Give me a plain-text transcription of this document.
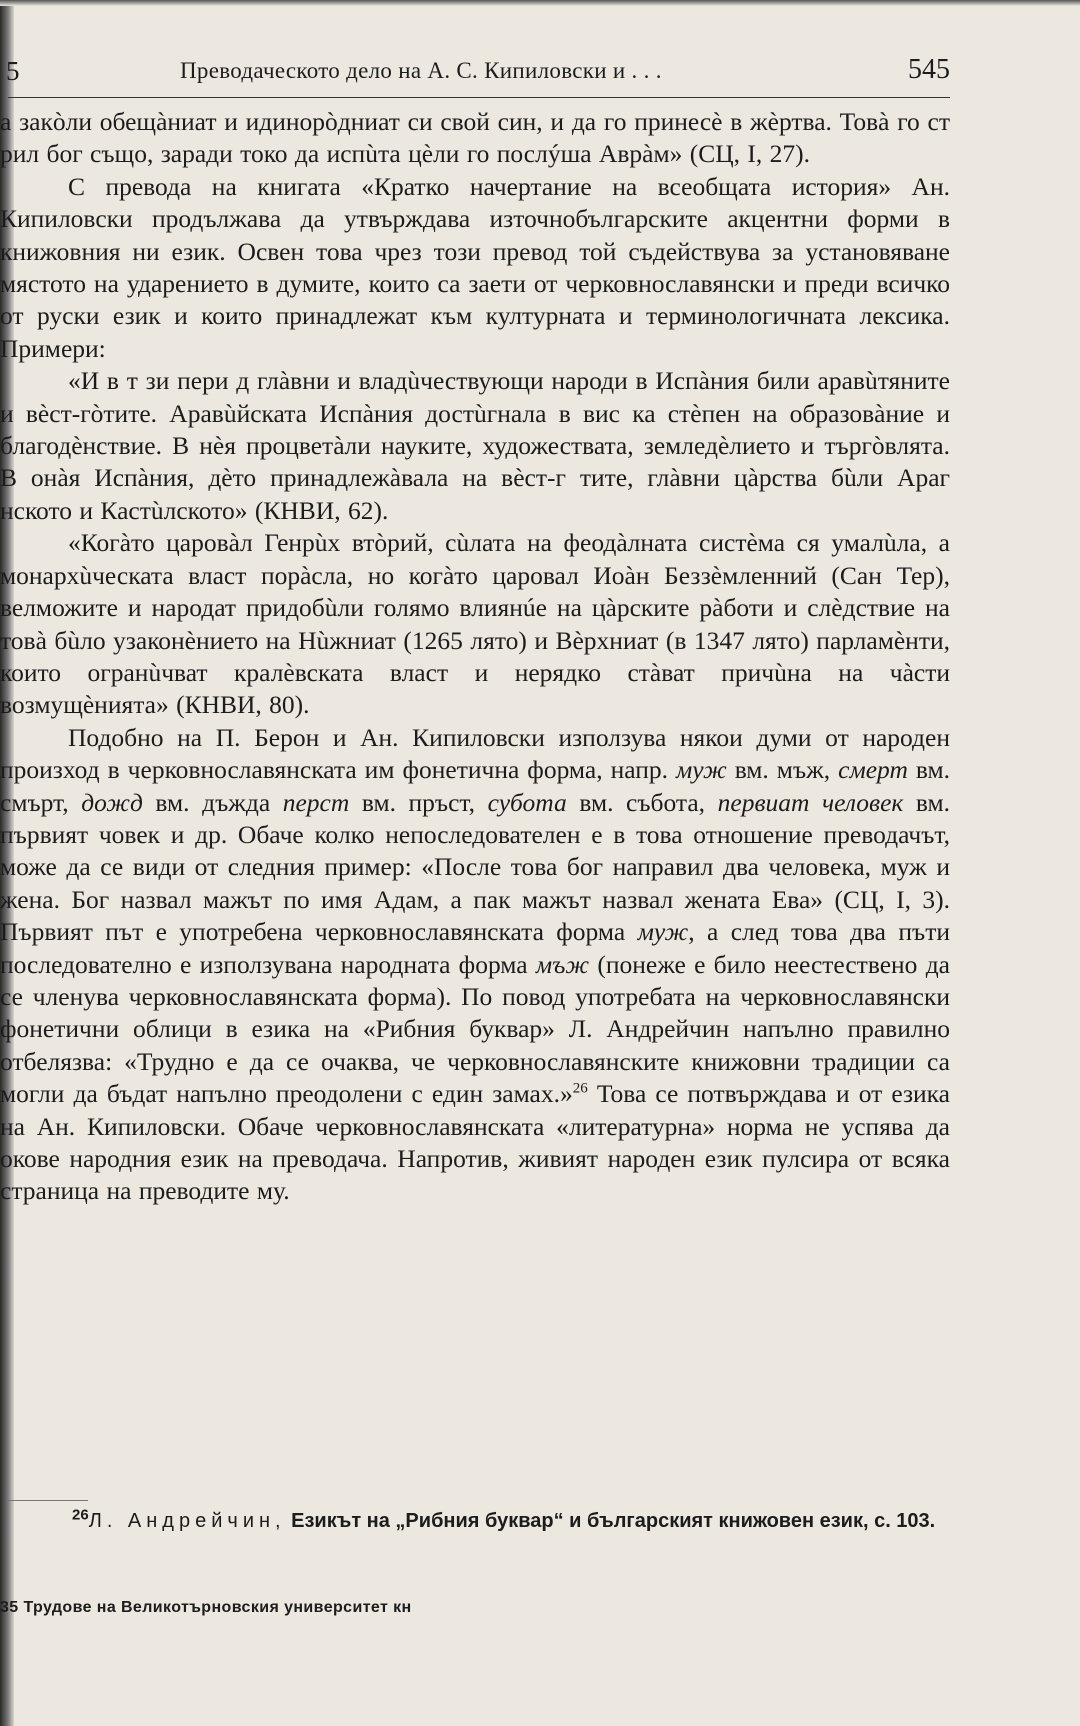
5	Преводаческото дело на А. С. Кипиловски и . . .	545

а закòли обещàниат и идинорòдниат си свой син, и да го принесè в жèртва. Товà го ст рил бог също, заради токо да испùта цèли го послýша Аврàм» (СЦ, I, 27).

С превода на книгата «Кратко начертание на всеобщата история» Ан. Кипиловски продължава да утвърждава източнобългарските акцентни форми в книжовния ни език. Освен това чрез този превод той съдействува за установяване мястото на ударението в думите, които са заети от черковнославянски и преди всичко от руски език и които принадлежат към културната и терминологичната лексика. Примери:

«И в т зи пери д глàвни и владùчествующи народи в Испàния били аравùтяните и вèст-гòтите. Аравùйската Испàния достùгнала в вис ка стèпен на образовàние и благодèнствие. В нèя процветàли науките, художествата, земледèлието и търгòвлята. В онàя Испàния, дèто принадлежàвала на вèст-г тите, глàвни цàрства бùли Араг нското и Кастùлското» (КНВИ, 62).

«Когàто царовàл Генрùх втòрий, сùлата на феодàлната систèма ся умалùла, а монархùческата власт порàсла, но когàто царовал Иоàн Беззèмленний (Сан Тер), велможите и народат придобùли голямо влиянúе на цàрските рàботи и слèдствие на товà бùло узаконèнието на Нùжниат (1265 лято) и Вèрхниат (в 1347 лято) парламèнти, които огранùчват кралèвската власт и нерядко стàват причùна на чàсти возмущèнията» (КНВИ, 80).

Подобно на П. Берон и Ан. Кипиловски използува някои думи от народен произход в черковнославянската им фонетична форма, напр. муж вм. мъж, смерт вм. смърт, дожд вм. дъжда перст вм. пръст, субота вм. събота, первиат человек вм. първият човек и др. Обаче колко непоследователен е в това отношение преводачът, може да се види от следния пример: «После това бог направил два человека, муж и жена. Бог назвал мажът по имя Адам, а пак мажът назвал жената Ева» (СЦ, I, 3). Първият път е употребена черковнославянската форма муж, а след това два пъти последователно е използувана народната форма мъж (понеже е било неестествено да се членува черковнославянската форма). По повод употребата на черковнославянски фонетични облици в езика на «Рибния буквар» Л. Андрейчин напълно правилно отбелязва: «Трудно е да се очаква, че черковнославянските книжовни традиции са могли да бъдат напълно преодолени с един замах.»$^{26}$ Това се потвърждава и от езика на Ан. Кипиловски. Обаче черковнославянската «литературна» норма не успява да окове народния език на преводача. Напротив, живият народен език пулсира от всяка страница на преводите му.

$^{26}$Л. Андрейчин, Езикът на „Рибния буквар“ и българският книжовен език, с. 103.
35 Трудове на Великотърновския университет кн
